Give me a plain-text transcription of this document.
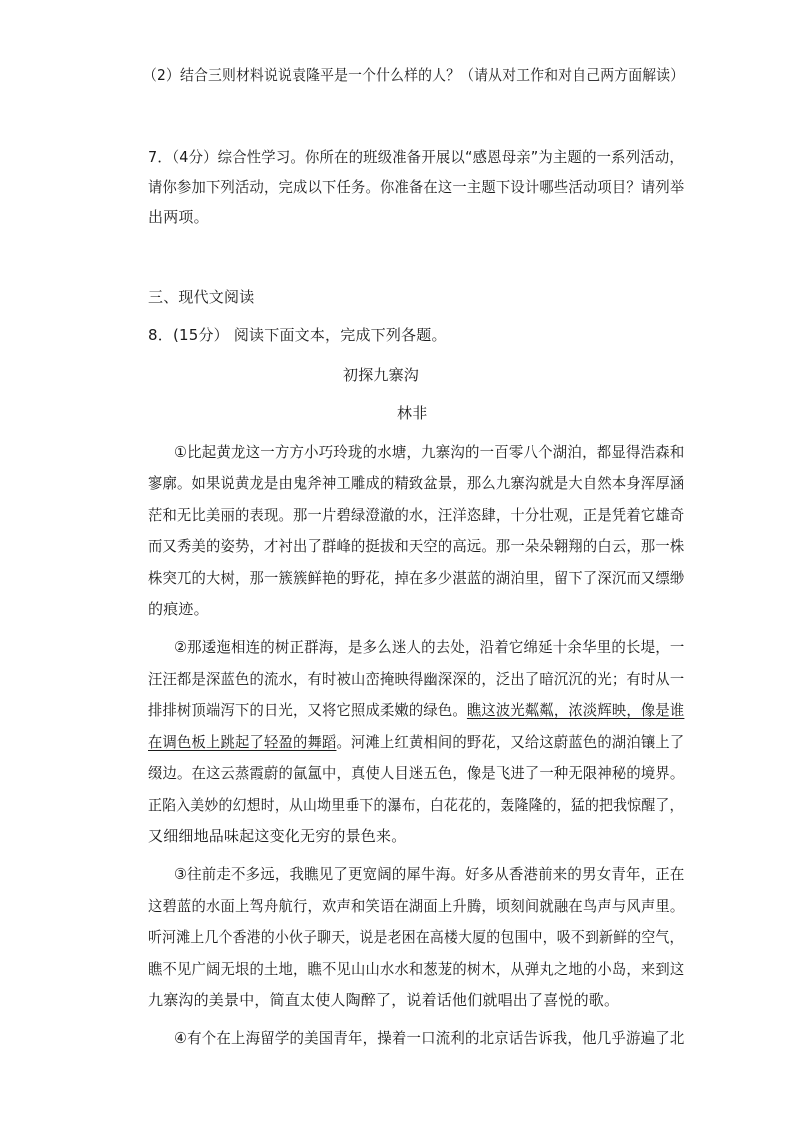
（2）结合三则材料说说袁隆平是一个什么样的人？（请从对工作和对自己两方面解读）
7．（4分）综合性学习。你所在的班级准备开展以“感恩母亲”为主题的一系列活动，
请你参加下列活动，完成以下任务。你准备在这一主题下设计哪些活动项目？请列举
出两项。
三、现代文阅读
8．(15分） 阅读下面文本，完成下列各题。
初探九寨沟
林非
①比起黄龙这一方方小巧玲珑的水塘，九寨沟的一百零八个湖泊，都显得浩森和
寥廓。如果说黄龙是由鬼斧神工雕成的精致盆景，那么九寨沟就是大自然本身浑厚涵
茫和无比美丽的表现。那一片碧绿澄澈的水，汪洋恣肆，十分壮观，正是凭着它雄奇
而又秀美的姿势，才衬出了群峰的挺拔和天空的高远。那一朵朵翱翔的白云，那一株
株突兀的大树，那一簇簇鲜艳的野花，掉在多少湛蓝的湖泊里，留下了深沉而又缥缈
的痕迹。
②那逶迤相连的树正群海，是多么迷人的去处，沿着它绵延十余华里的长堤，一
汪汪都是深蓝色的流水，有时被山峦掩映得幽深深的，泛出了暗沉沉的光；有时从一
排排树顶端泻下的日光，又将它照成柔嫩的绿色。瞧这波光粼粼，浓淡辉映，像是谁
在调色板上跳起了轻盈的舞蹈。河滩上红黄相间的野花，又给这蔚蓝色的湖泊镶上了
缀边。在这云蒸霞蔚的氤氲中，真使人目迷五色，像是飞进了一种无限神秘的境界。
正陷入美妙的幻想时，从山坳里垂下的瀑布，白花花的，轰隆隆的，猛的把我惊醒了，
又细细地品味起这变化无穷的景色来。
③往前走不多远，我瞧见了更宽阔的犀牛海。好多从香港前来的男女青年，正在
这碧蓝的水面上驾舟航行，欢声和笑语在湖面上升腾，顷刻间就融在鸟声与风声里。
听河滩上几个香港的小伙子聊天，说是老困在高楼大厦的包围中，吸不到新鲜的空气，
瞧不见广阔无垠的土地，瞧不见山山水水和葱茏的树木，从弹丸之地的小岛，来到这
九寨沟的美景中，简直太使人陶醉了，说着话他们就唱出了喜悦的歌。
④有个在上海留学的美国青年，操着一口流利的北京话告诉我，他几乎游遍了北
